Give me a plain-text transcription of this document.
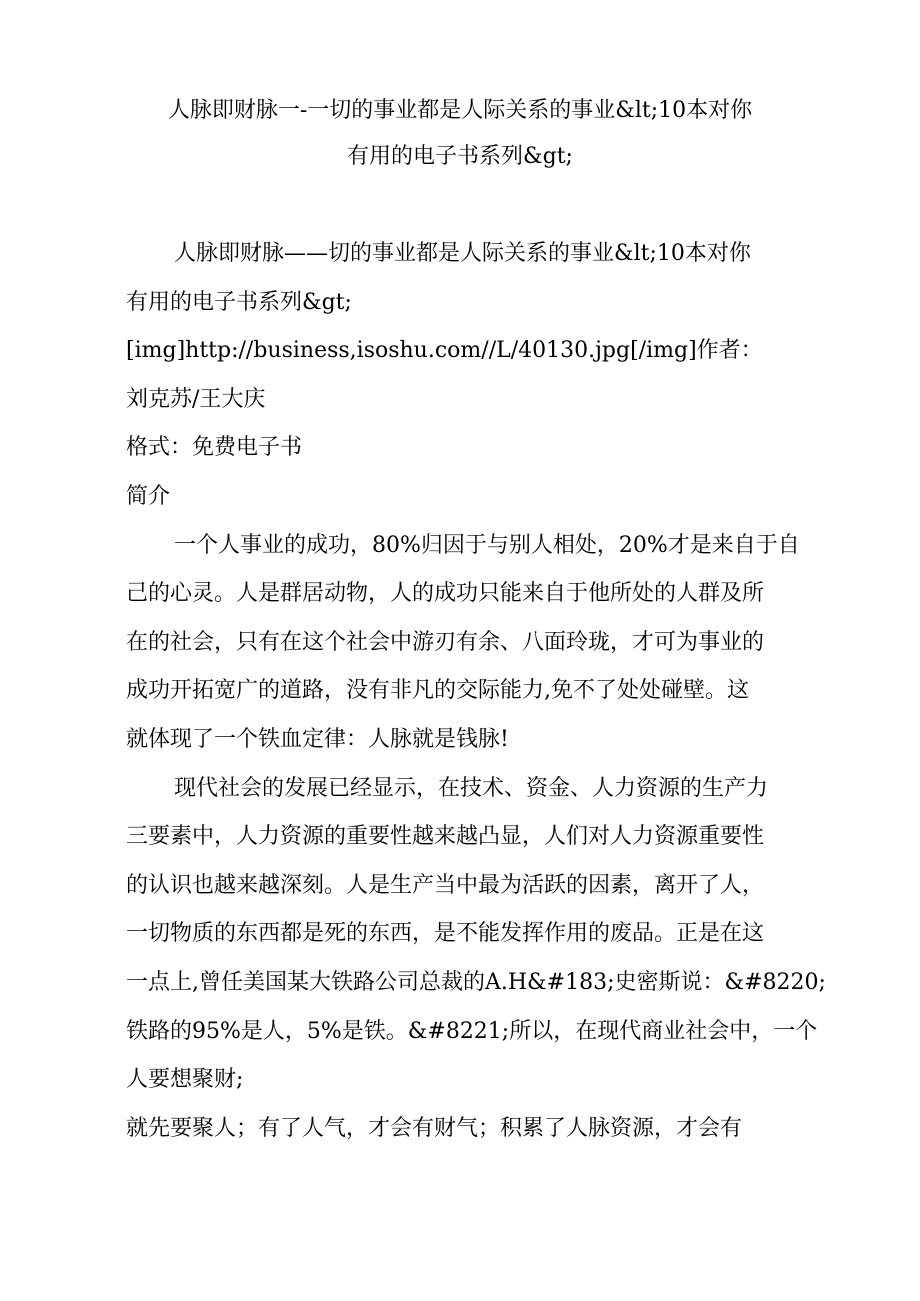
人脉即财脉一-一切的事业都是人际关系的事业&lt;10本对你
有用的电子书系列&gt;

人脉即财脉——切的事业都是人际关系的事业&lt;10本对你

有用的电子书系列&gt;

[img]http://business,isoshu.com//L/40130.jpg[/img]作者：

刘克苏/王大庆

格式：免费电子书

简介

一个人事业的成功，80%归因于与别人相处，20%才是来自于自

己的心灵。人是群居动物，人的成功只能来自于他所处的人群及所

在的社会，只有在这个社会中游刃有余、八面玲珑，才可为事业的

成功开拓宽广的道路，没有非凡的交际能力,免不了处处碰壁。这

就体现了一个铁血定律：人脉就是钱脉!

现代社会的发展已经显示，在技术、资金、人力资源的生产力

三要素中，人力资源的重要性越来越凸显，人们对人力资源重要性

的认识也越来越深刻。人是生产当中最为活跃的因素，离开了人，

一切物质的东西都是死的东西，是不能发挥作用的废品。正是在这

一点上,曾任美国某大铁路公司总裁的A.H&#183;史密斯说：&#8220;

铁路的95%是人，5%是铁。&#8221;所以，在现代商业社会中，一个

人要想聚财;

就先要聚人；有了人气，才会有财气；积累了人脉资源，才会有
